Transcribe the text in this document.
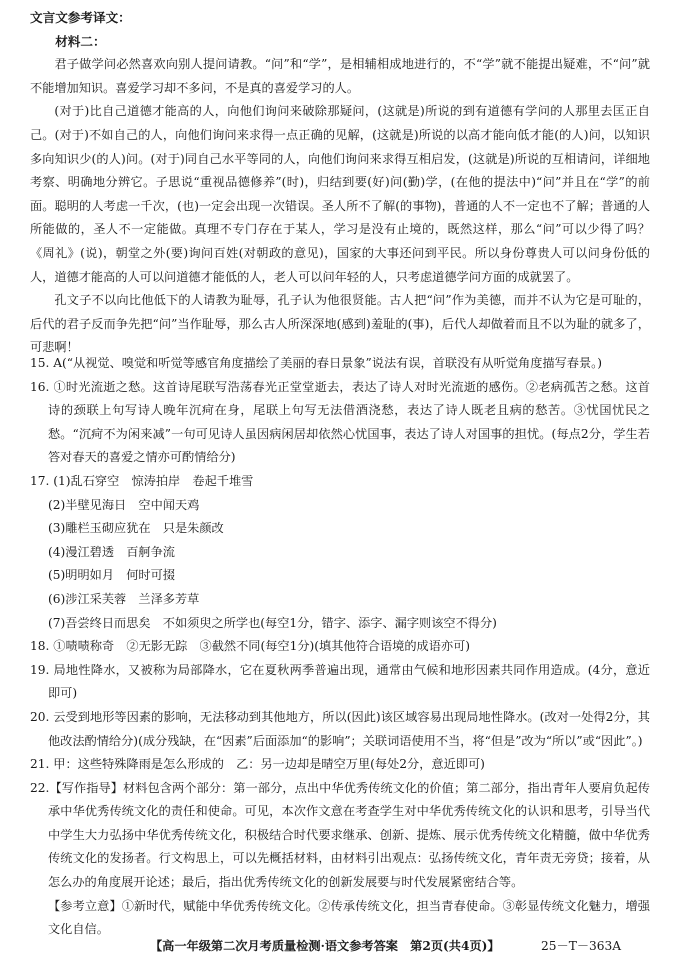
文言文参考译文：

材料二：

君子做学问必然喜欢向别人提问请教。“问”和“学”，是相辅相成地进行的，不“学”就不能提出疑难，不“问”就不能增加知识。喜爱学习却不多问，不是真的喜爱学习的人。

(对于)比自己道德才能高的人，向他们询问来破除那疑问，(这就是)所说的到有道德有学问的人那里去匡正自己。(对于)不如自己的人，向他们询问来求得一点正确的见解，(这就是)所说的以高才能向低才能(的人)问，以知识多向知识少(的人)问。(对于)同自己水平等同的人，向他们询问来求得互相启发，(这就是)所说的互相请问，详细地考察、明确地分辨它。子思说“重视品德修养”(时)，归结到要(好)问(勤)学，(在他的提法中)“问”并且在“学”的前面。聪明的人考虑一千次，(也)一定会出现一次错误。圣人所不了解(的事物)，普通的人不一定也不了解；普通的人所能做的，圣人不一定能做。真理不专门存在于某人，学习是没有止境的，既然这样，那么“问”可以少得了吗？《周礼》(说)，朝堂之外(要)询问百姓(对朝政的意见)，国家的大事还问到平民。所以身份尊贵人可以问身份低的人，道德才能高的人可以问道德才能低的人，老人可以问年轻的人，只考虑道德学问方面的成就罢了。

孔文子不以向比他低下的人请教为耻辱，孔子认为他很贤能。古人把“问”作为美德，而并不认为它是可耻的，后代的君子反而争先把“问”当作耻辱，那么古人所深深地(感到)羞耻的(事)，后代人却做着而且不以为耻的就多了，可悲啊！

15. A(“从视觉、嗅觉和听觉等感官角度描绘了美丽的春日景象”说法有误，首联没有从听觉角度描写春景。)

16. ①时光流逝之愁。这首诗尾联写浩荡春光正堂堂逝去，表达了诗人对时光流逝的感伤。②老病孤苦之愁。这首诗的颈联上句写诗人晚年沉疴在身，尾联上句写无法借酒浇愁，表达了诗人既老且病的愁苦。③忧国忧民之愁。“沉疴不为闲来减”一句可见诗人虽因病闲居却依然心忧国事，表达了诗人对国事的担忧。(每点2分，学生若答对春天的喜爱之情亦可酌情给分)

17. (1)乱石穿空　惊涛拍岸　卷起千堆雪

(2)半壁见海日　空中闻天鸡

(3)雕栏玉砌应犹在　只是朱颜改

(4)漫江碧透　百舸争流

(5)明明如月　何时可掇

(6)涉江采芙蓉　兰泽多芳草

(7)吾尝终日而思矣　不如须臾之所学也(每空1分，错字、添字、漏字则该空不得分)

18. ①啧啧称奇　②无影无踪　③截然不同(每空1分)(填其他符合语境的成语亦可)

19. 局地性降水，又被称为局部降水，它在夏秋两季普遍出现，通常由气候和地形因素共同作用造成。(4分，意近即可)

20. 云受到地形等因素的影响，无法移动到其他地方，所以(因此)该区域容易出现局地性降水。(改对一处得2分，其他改法酌情给分)(成分残缺，在“因素”后面添加“的影响”；关联词语使用不当，将“但是”改为“所以”或“因此”。)

21. 甲：这些特殊降雨是怎么形成的　乙：另一边却是晴空万里(每处2分，意近即可)

22.【写作指导】材料包含两个部分：第一部分，点出中华优秀传统文化的价值；第二部分，指出青年人要肩负起传承中华优秀传统文化的责任和使命。可见，本次作文意在考查学生对中华优秀传统文化的认识和思考，引导当代中学生大力弘扬中华优秀传统文化，积极结合时代要求继承、创新、提炼、展示优秀传统文化精髓，做中华优秀传统文化的发扬者。行文构思上，可以先概括材料，由材料引出观点：弘扬传统文化，青年责无旁贷；接着，从怎么办的角度展开论述；最后，指出优秀传统文化的创新发展要与时代发展紧密结合等。

【参考立意】①新时代，赋能中华优秀传统文化。②传承传统文化，担当青春使命。③彰显传统文化魅力，增强文化自信。

【高一年级第二次月考质量检测·语文参考答案　第2页(共4页)】	25－T－363A
